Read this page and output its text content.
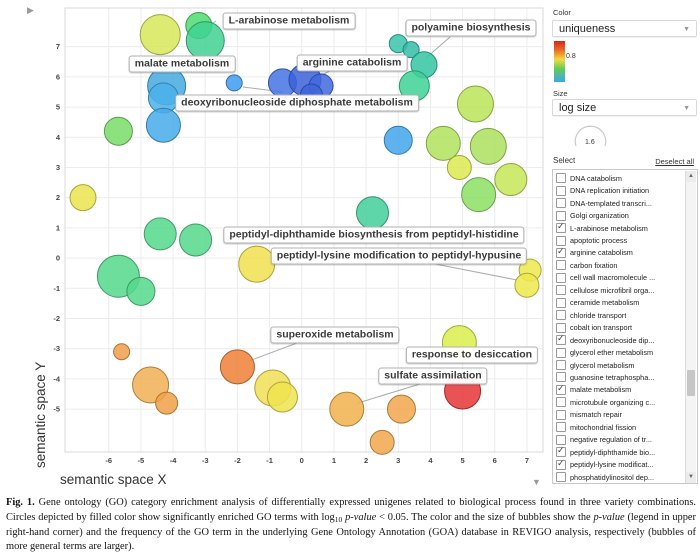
▶
-6	-5	-4	-3	-2	-1	0	1	2	3	4	5	6	7
7
6
5
4
3
2
1
0
-1
-2
-3
-4
-5
L-arabinose metabolism
polyamine biosynthesis
malate metabolism	arginine catabolism
deoxyribonucleoside diphosphate metabolism
peptidyl-diphthamide biosynthesis from peptidyl-histidine
peptidyl-lysine modification to peptidyl-hypusine
superoxide metabolism
response to desiccation
sulfate assimilation
semantic space X
semantic space Y
▼
Color
uniqueness	▼
0.8
Size
log size	▼
1.6
Select	Deselect all
▲
▼
DNA catabolism
DNA replication initiation
DNA-templated transcri...
Golgi organization
✓ L-arabinose metabolism
apoptotic process
✓ arginine catabolism
carbon fixation
cell wall macromolecule ...
cellulose microfibril orga...
ceramide metabolism
chloride transport
cobalt ion transport
✓ deoxyribonucleoside dip...
glycerol ether metabolism
glycerol metabolism
guanosine tetraphospha...
✓ malate metabolism
microtubule organizing c...
mismatch repair
mitochondrial fission
negative regulation of tr...
✓ peptidyl-diphthamide bio...
✓ peptidyl-lysine modificat...
phosphatidylinositol dep...
Fig. 1. Gene ontology (GO) category enrichment analysis of differentially expressed unigenes related to biological process found in three variety combinations. Circles depicted by filled color show significantly enriched GO terms with $\log_{10}$ p-value < 0.05. The color and the size of bubbles show the p-value (legend in upper right-hand corner) and the frequency of the GO term in the underlying Gene Ontology Annotation (GOA) database in REVIGO analysis, respectively (bubbles of more general terms are larger).
